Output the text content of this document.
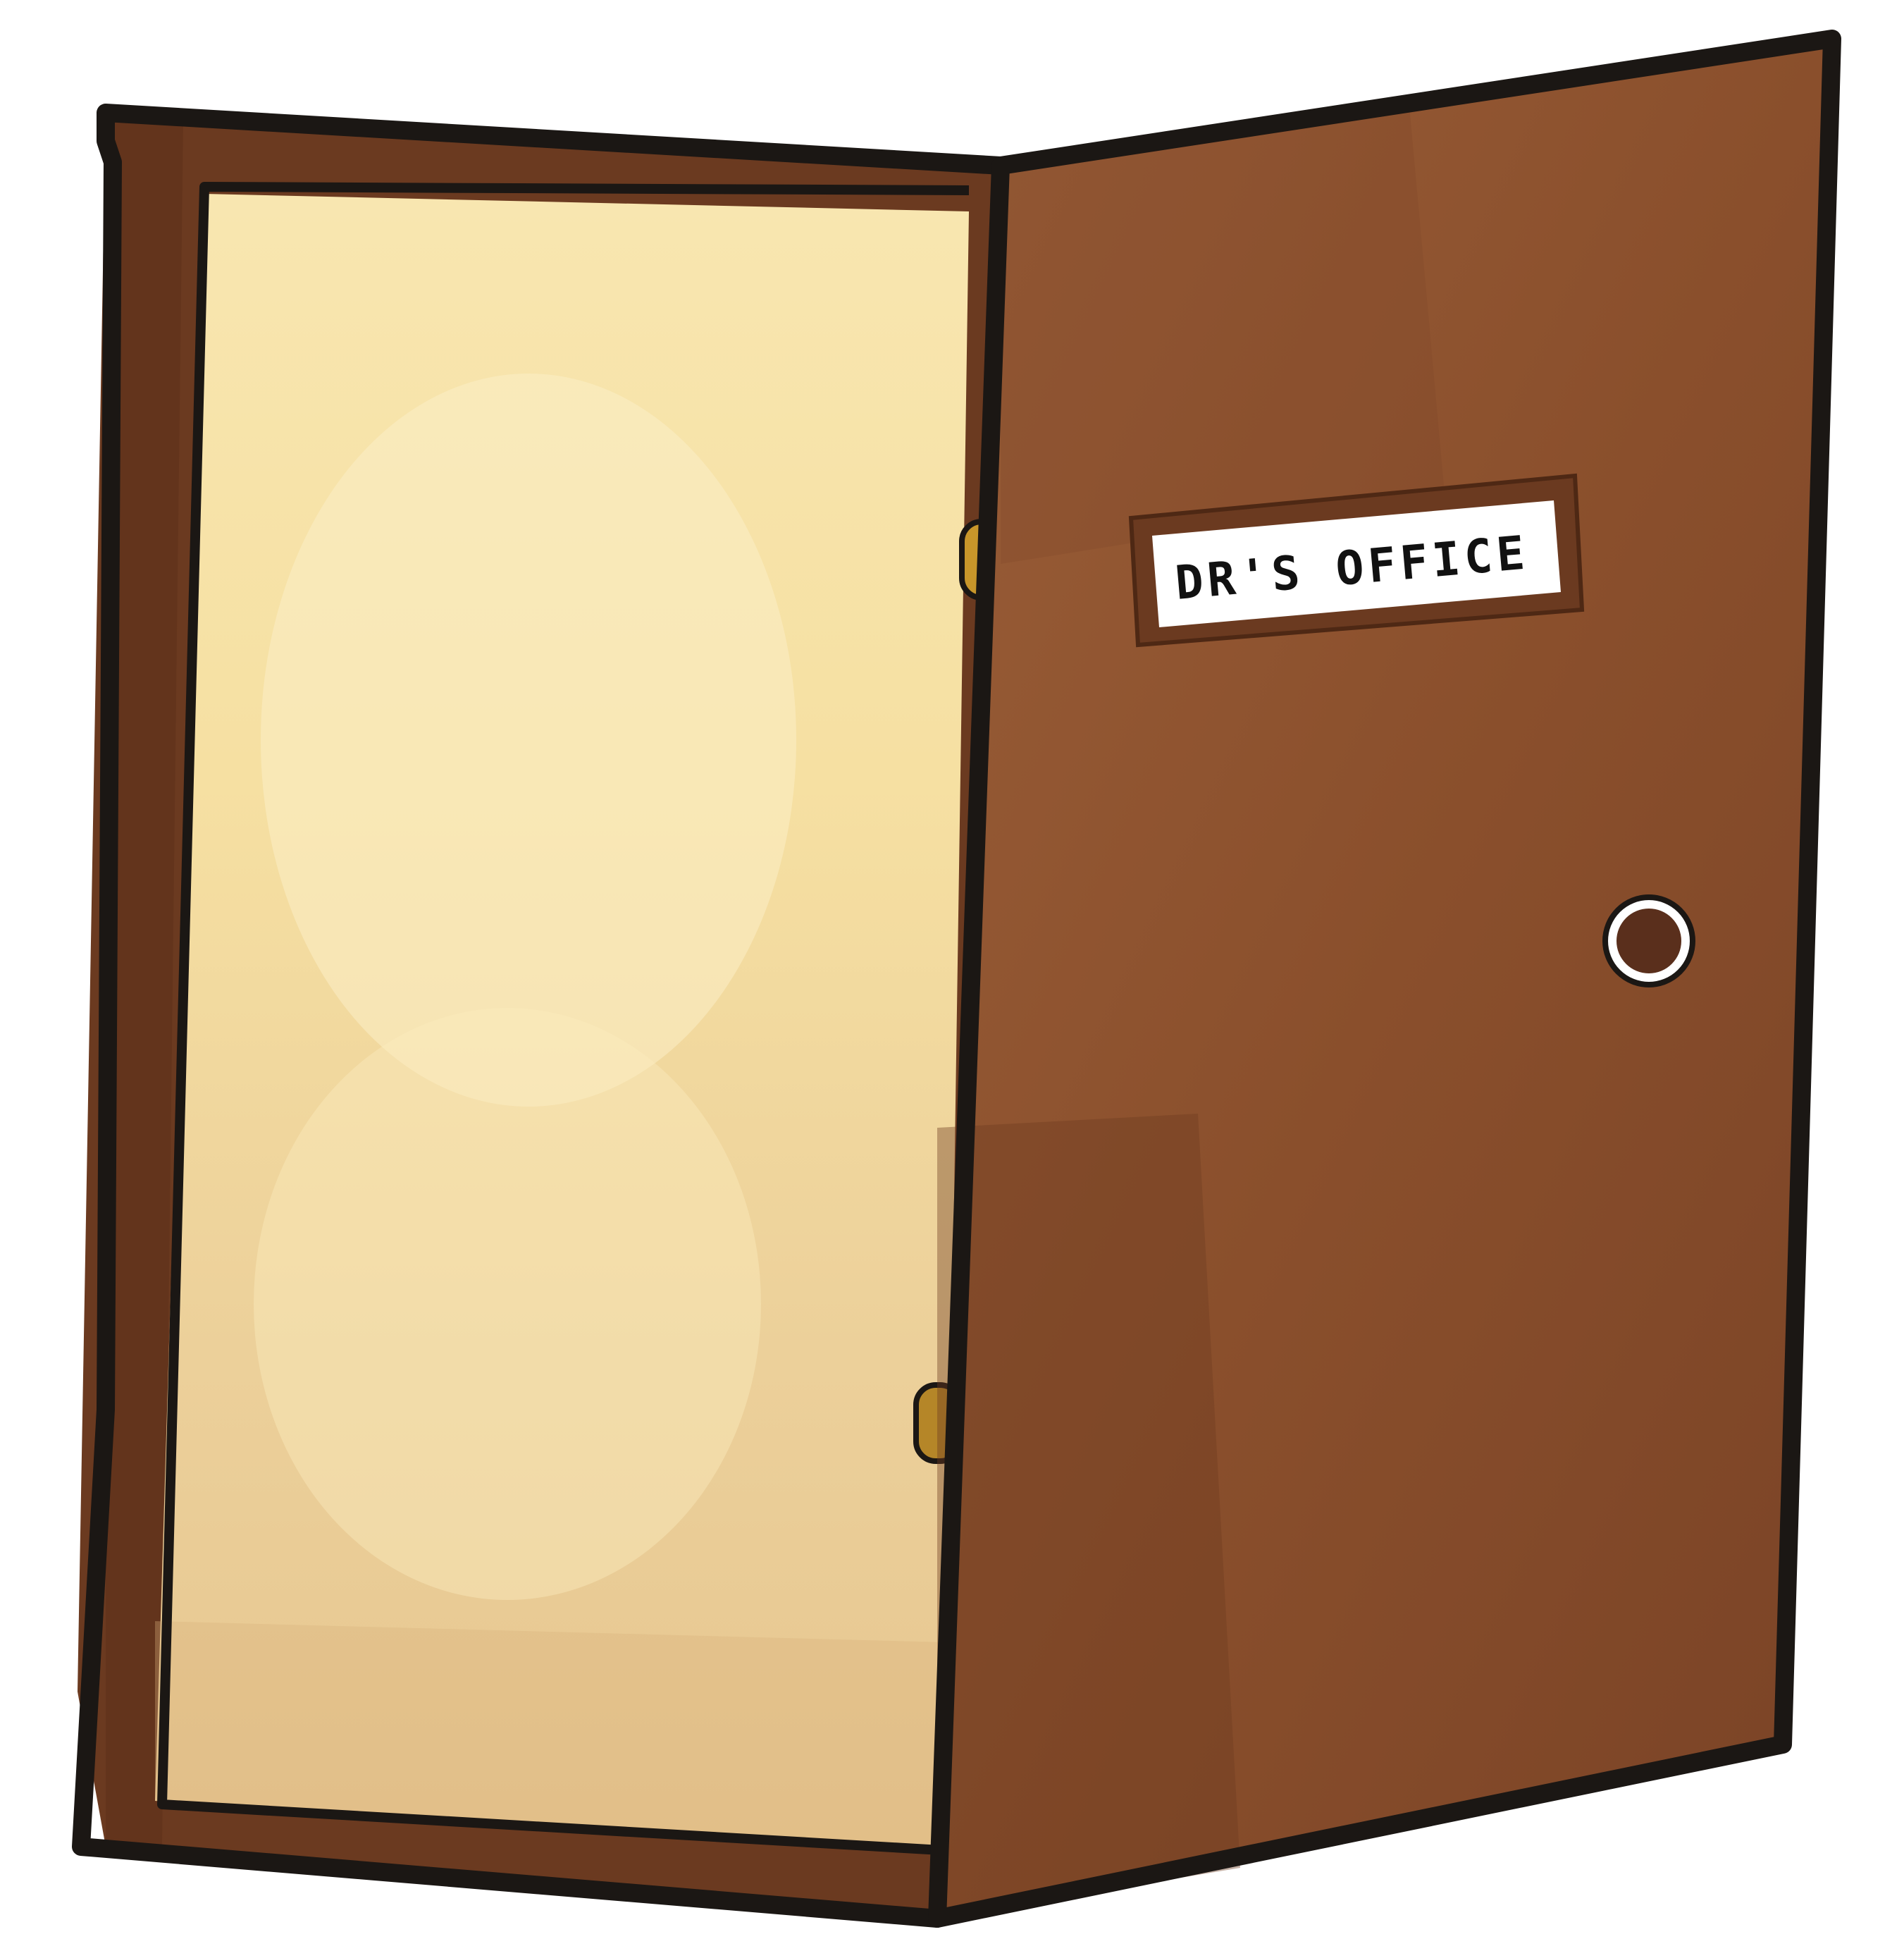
DR'S OFFICE
